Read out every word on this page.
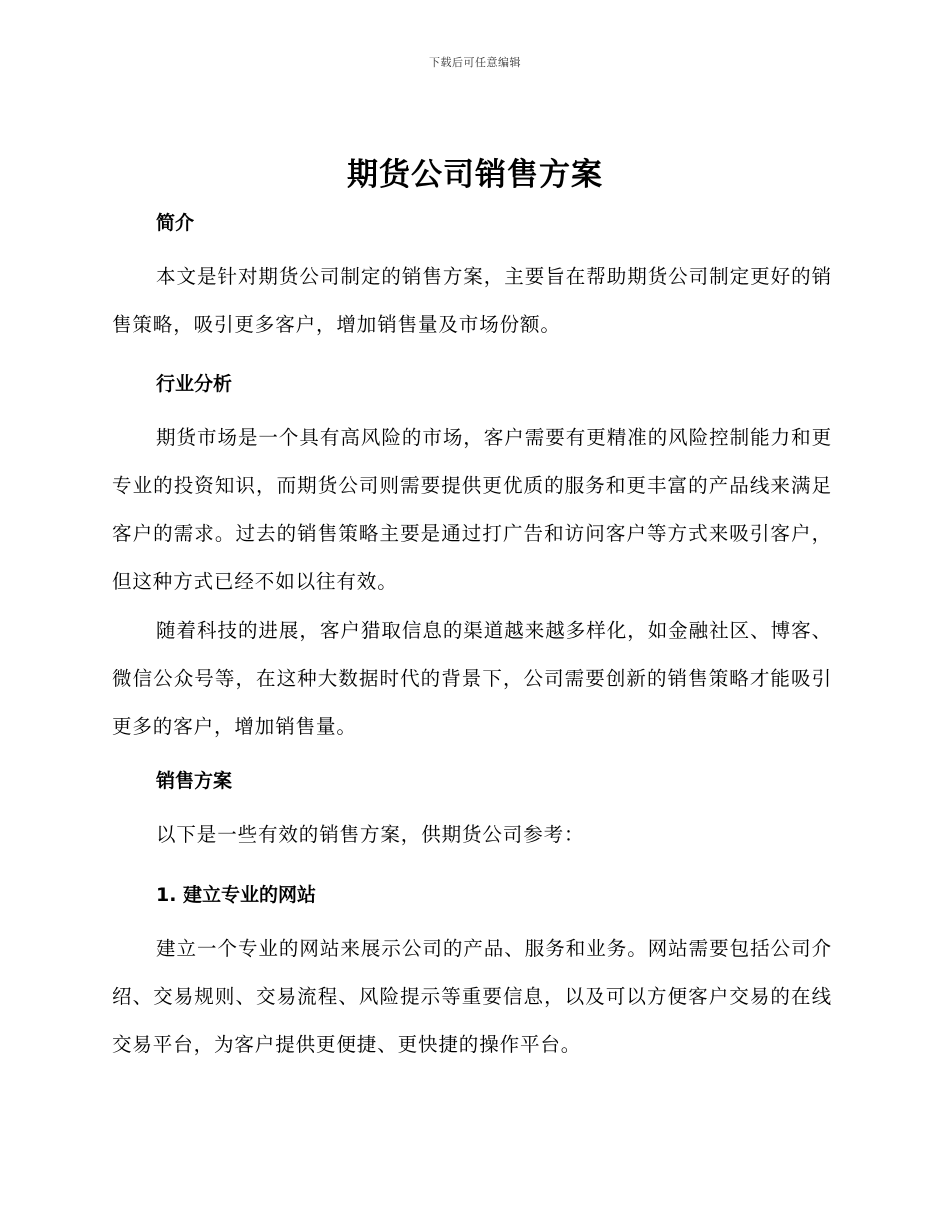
下载后可任意编辑
期货公司销售方案
简介

本文是针对期货公司制定的销售方案，主要旨在帮助期货公司制定更好的销售策略，吸引更多客户，增加销售量及市场份额。

行业分析

期货市场是一个具有高风险的市场，客户需要有更精准的风险控制能力和更专业的投资知识，而期货公司则需要提供更优质的服务和更丰富的产品线来满足客户的需求。过去的销售策略主要是通过打广告和访问客户等方式来吸引客户，但这种方式已经不如以往有效。

随着科技的进展，客户猎取信息的渠道越来越多样化，如金融社区、博客、微信公众号等，在这种大数据时代的背景下，公司需要创新的销售策略才能吸引更多的客户，增加销售量。

销售方案

以下是一些有效的销售方案，供期货公司参考：

1. 建立专业的网站

建立一个专业的网站来展示公司的产品、服务和业务。网站需要包括公司介绍、交易规则、交易流程、风险提示等重要信息，以及可以方便客户交易的在线交易平台，为客户提供更便捷、更快捷的操作平台。
